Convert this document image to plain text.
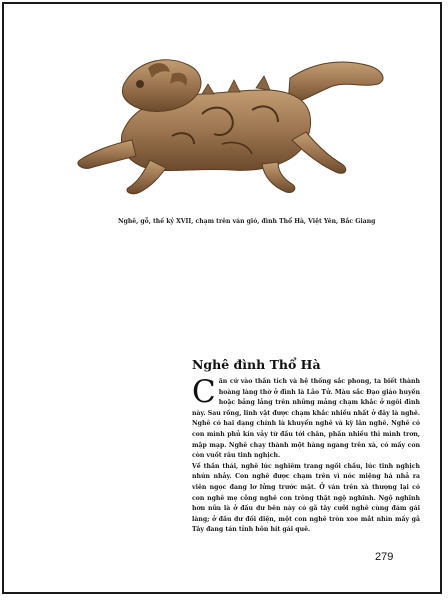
Nghê, gỗ, thế kỷ XVII, chạm trên ván gió, đình Thổ Hà, Việt Yên, Bắc Giang
Nghê đình Thổ Hà

Căn cứ vào thần tích và hệ thống sắc phong, ta biết thành hoàng làng thờ ở đình là Lão Tử. Màu sắc Đạo giáo huyền hoặc bảng lảng trên những mảng chạm khắc ở ngôi đình này. Sau rồng, linh vật được chạm khắc nhiều nhất ở đây là nghê. Nghê có hai dạng chính là khuyển nghê và kỳ lân nghê. Nghê có con mình phủ kín vảy từ đầu tới chân, phần nhiều thì mình trơn, mập mạp. Nghê chạy thành một hàng ngang trên xà, có mấy con còn vuốt râu tinh nghịch.

Về thần thái, nghê lúc nghiêm trang ngồi chầu, lúc tinh nghịch nhún nhảy. Con nghê được chạm trên vì nóc miệng há nhả ra viên ngọc đang lơ lửng trước mặt. Ở ván trên xà thượng lại có con nghê mẹ cõng nghê con trông thật ngộ nghĩnh. Ngộ nghĩnh hơn nữa là ở đầu dư bên này có gã tây cưỡi nghê cùng đám gái làng; ở đầu dư đối diện, một con nghê tròn xoe mắt nhìn mấy gã Tây đang tán tỉnh hôn hít gái quê.

279
